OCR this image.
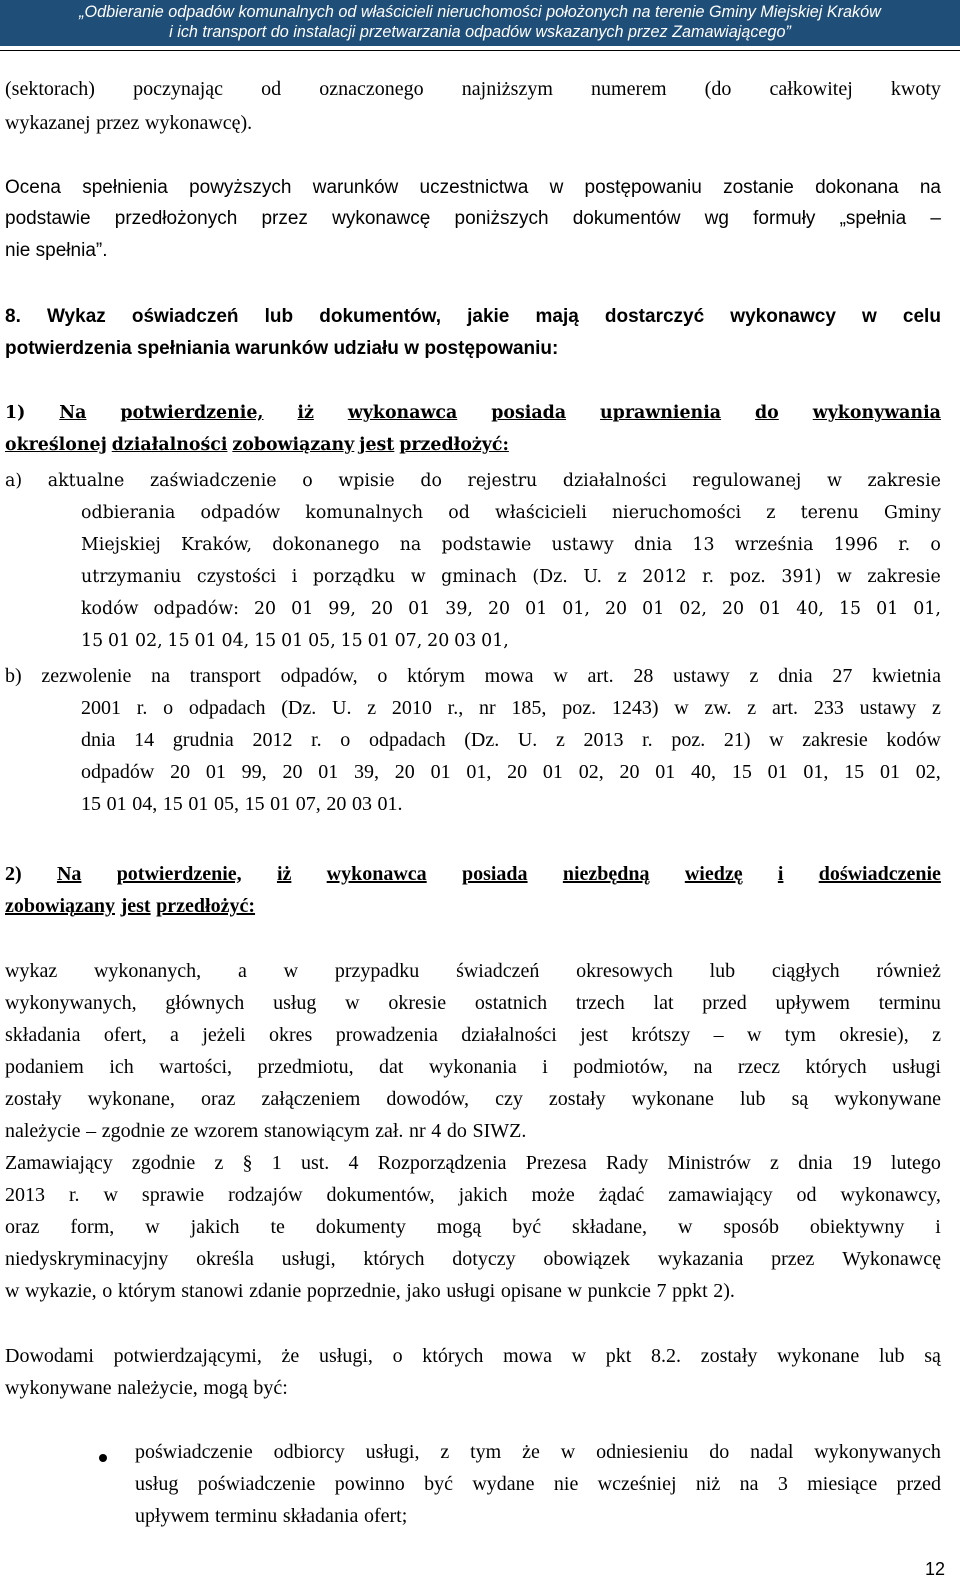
„Odbieranie odpadów komunalnych od właścicieli nieruchomości położonych na terenie Gminy Miejskiej Kraków
i ich transport do instalacji przetwarzania odpadów wskazanych przez Zamawiającego”
(sektorach) poczynając od oznaczonego najniższym numerem (do całkowitej kwoty
wykazanej przez wykonawcę).
Ocena spełnienia powyższych warunków uczestnictwa w postępowaniu zostanie dokonana na
podstawie przedłożonych przez wykonawcę poniższych dokumentów wg formuły „spełnia –
nie spełnia”.
8. Wykaz oświadczeń lub dokumentów, jakie mają dostarczyć wykonawcy w celu
potwierdzenia spełniania warunków udziału w postępowaniu:
1) Na potwierdzenie, iż wykonawca posiada uprawnienia do wykonywania
określonej działalności zobowiązany jest przedłożyć:
a) aktualne zaświadczenie o wpisie do rejestru działalności regulowanej w zakresie
odbierania odpadów komunalnych od właścicieli nieruchomości z terenu Gminy
Miejskiej Kraków, dokonanego na podstawie ustawy dnia 13 września 1996 r. o
utrzymaniu czystości i porządku w gminach (Dz. U. z 2012 r. poz. 391) w zakresie
kodów odpadów: 20 01 99, 20 01 39, 20 01 01, 20 01 02, 20 01 40, 15 01 01,
15 01 02, 15 01 04, 15 01 05, 15 01 07, 20 03 01,
b) zezwolenie na transport odpadów, o którym mowa w art. 28 ustawy z dnia 27 kwietnia
2001 r. o odpadach (Dz. U. z 2010 r., nr 185, poz. 1243) w zw. z art. 233 ustawy z
dnia 14 grudnia 2012 r. o odpadach (Dz. U. z 2013 r. poz. 21) w zakresie kodów
odpadów 20 01 99, 20 01 39, 20 01 01, 20 01 02, 20 01 40, 15 01 01, 15 01 02,
15 01 04, 15 01 05, 15 01 07, 20 03 01.
2) Na potwierdzenie, iż wykonawca posiada niezbędną wiedzę i doświadczenie
zobowiązany jest przedłożyć:
wykaz wykonanych, a w przypadku świadczeń okresowych lub ciągłych również
wykonywanych, głównych usług w okresie ostatnich trzech lat przed upływem terminu
składania ofert, a jeżeli okres prowadzenia działalności jest krótszy – w tym okresie), z
podaniem ich wartości, przedmiotu, dat wykonania i podmiotów, na rzecz których usługi
zostały wykonane, oraz załączeniem dowodów, czy zostały wykonane lub są wykonywane
należycie – zgodnie ze wzorem stanowiącym zał. nr 4 do SIWZ.
Zamawiający zgodnie z § 1 ust. 4 Rozporządzenia Prezesa Rady Ministrów z dnia 19 lutego
2013 r. w sprawie rodzajów dokumentów, jakich może żądać zamawiający od wykonawcy,
oraz form, w jakich te dokumenty mogą być składane, w sposób obiektywny i
niedyskryminacyjny określa usługi, których dotyczy obowiązek wykazania przez Wykonawcę
w wykazie, o którym stanowi zdanie poprzednie, jako usługi opisane w punkcie 7 ppkt 2).
Dowodami potwierdzającymi, że usługi, o których mowa w pkt 8.2. zostały wykonane lub są
wykonywane należycie, mogą być:
poświadczenie odbiorcy usługi, z tym że w odniesieniu do nadal wykonywanych
usług poświadczenie powinno być wydane nie wcześniej niż na 3 miesiące przed
upływem terminu składania ofert;
12
